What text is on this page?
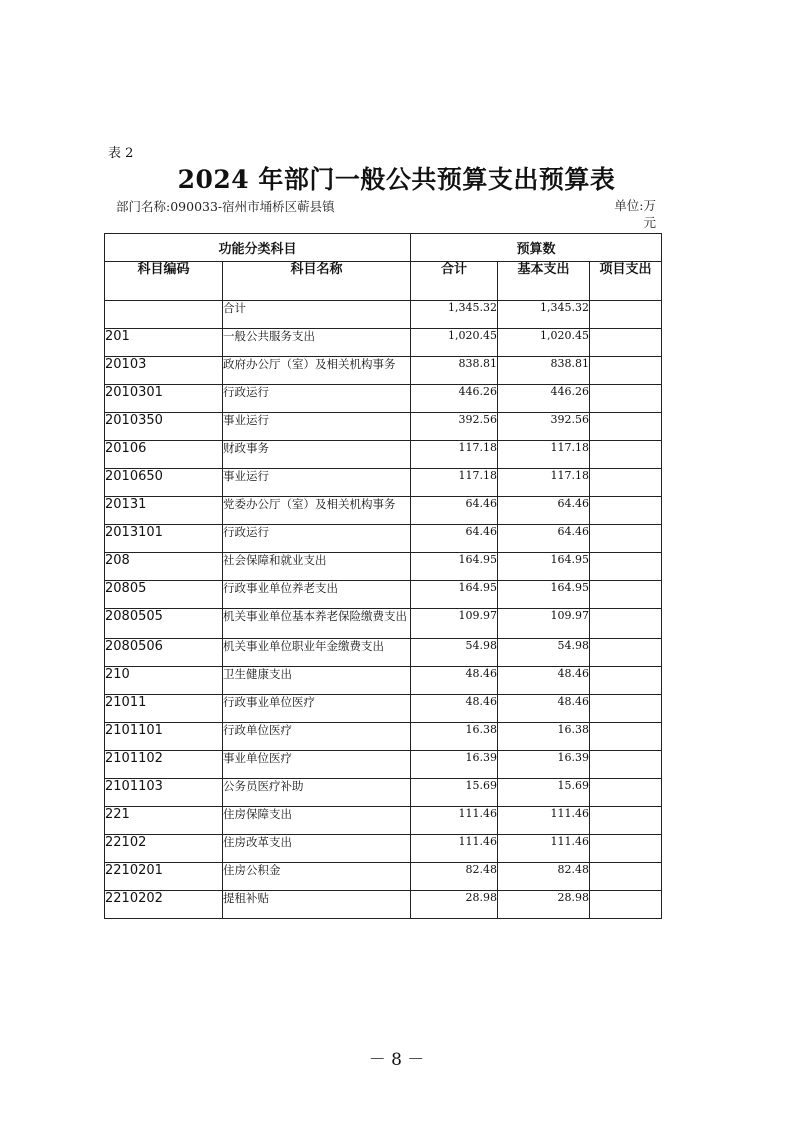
表 2
2024 年部门一般公共预算支出预算表
部门名称:090033-宿州市埇桥区蕲县镇	单位:万
元
功能分类科目		预算数		
科目编码	科目名称	合计	基本支出	项目支出
	合计	1,345.32	1,345.32	
201	一般公共服务支出	1,020.45	1,020.45	
20103	政府办公厅（室）及相关机构事务	838.81	838.81	
2010301	行政运行	446.26	446.26	
2010350	事业运行	392.56	392.56	
20106	财政事务	117.18	117.18	
2010650	事业运行	117.18	117.18	
20131	党委办公厅（室）及相关机构事务	64.46	64.46	
2013101	行政运行	64.46	64.46	
208	社会保障和就业支出	164.95	164.95	
20805	行政事业单位养老支出	164.95	164.95	
2080505	机关事业单位基本养老保险缴费支出	109.97	109.97	
2080506	机关事业单位职业年金缴费支出	54.98	54.98	
210	卫生健康支出	48.46	48.46	
21011	行政事业单位医疗	48.46	48.46	
2101101	行政单位医疗	16.38	16.38	
2101102	事业单位医疗	16.39	16.39	
2101103	公务员医疗补助	15.69	15.69	
221	住房保障支出	111.46	111.46	
22102	住房改革支出	111.46	111.46	
2210201	住房公积金	82.48	82.48	
2210202	提租补贴	28.98	28.98	
－ 8 －
